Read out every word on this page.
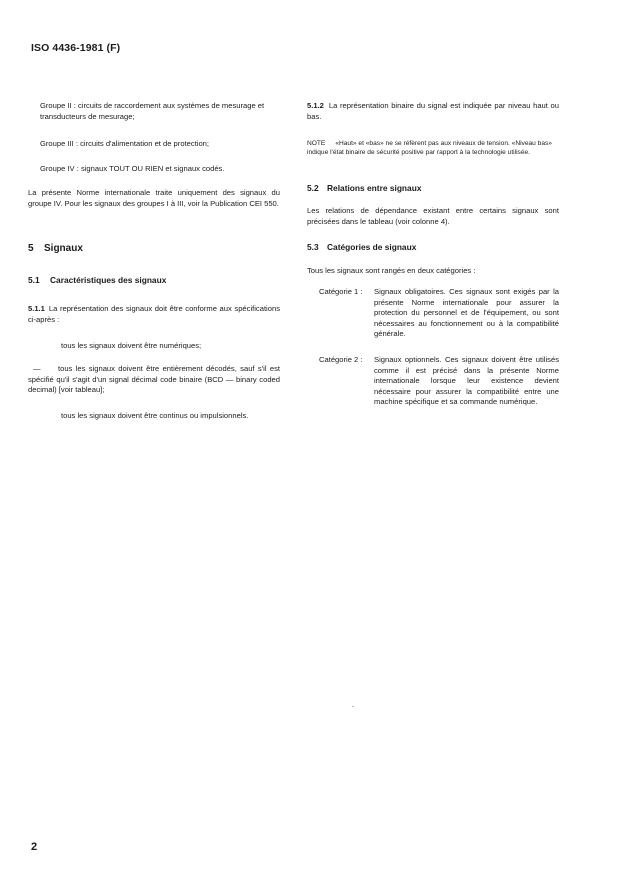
ISO 4436-1981 (F)

Groupe II : circuits de raccordement aux systèmes de mesurage et transducteurs de mesurage;

Groupe III : circuits d'alimentation et de protection;

Groupe IV : signaux TOUT OU RIEN et signaux codés.

La présente Norme internationale traite uniquement des signaux du groupe IV. Pour les signaux des groupes I à III, voir la Publication CEI 550.

5 Signaux
5.1 Caractéristiques des signaux

5.1.1 La représentation des signaux doit être conforme aux spécifications ci-après :

tous les signaux doivent être numériques;

— tous les signaux doivent être entièrement décodés, sauf s'il est spécifié qu'il s'agit d'un signal décimal code binaire (BCD — binary coded decimal) [voir tableau];

tous les signaux doivent être continus ou impulsionnels.

5.1.2 La représentation binaire du signal est indiquée par niveau haut ou bas.

NOTE «Haut» et «bas» ne se réfèrent pas aux niveaux de tension. «Niveau bas» indique l'état binaire de sécurité positive par rapport à la technologie utilisée.

5.2 Relations entre signaux

Les relations de dépendance existant entre certains signaux sont précisées dans le tableau (voir colonne 4).

5.3 Catégories de signaux

Tous les signaux sont rangés en deux catégories :

Catégorie 1 :	Signaux obligatoires. Ces signaux sont exigés par la présente Norme internationale pour assurer la protection du personnel et de l'équipement, ou sont nécessaires au fonctionnement ou à la compatibilité générale.

Catégorie 2 :	Signaux optionnels. Ces signaux doivent être utilisés comme il est précisé dans la présente Norme internationale lorsque leur existence devient nécessaire pour assurer la compatibilité entre une machine spécifique et sa commande numérique.

2
